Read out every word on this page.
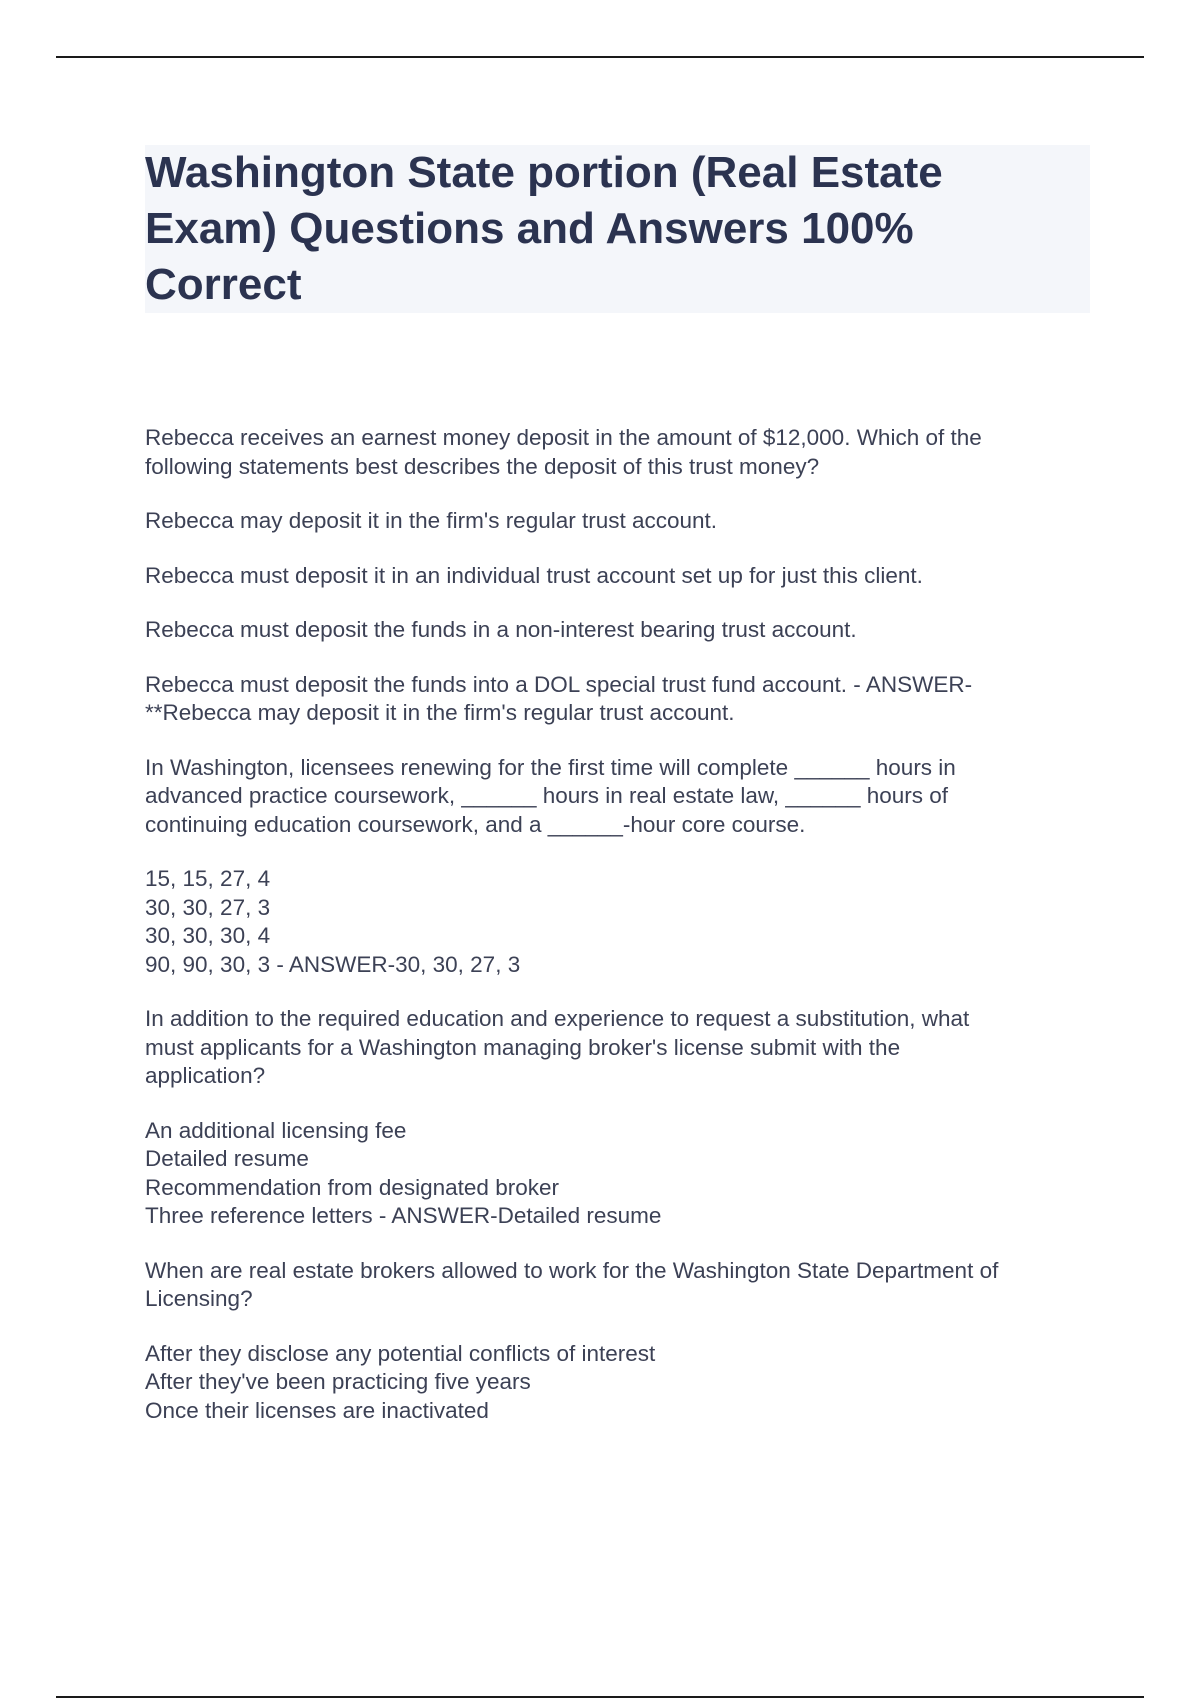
Washington State portion (Real Estate
Exam) Questions and Answers 100%
Correct

Rebecca receives an earnest money deposit in the amount of $12,000. Which of the
following statements best describes the deposit of this trust money?

Rebecca may deposit it in the firm's regular trust account.

Rebecca must deposit it in an individual trust account set up for just this client.

Rebecca must deposit the funds in a non-interest bearing trust account.

Rebecca must deposit the funds into a DOL special trust fund account. - ANSWER-
**Rebecca may deposit it in the firm's regular trust account.

In Washington, licensees renewing for the first time will complete ______ hours in
advanced practice coursework, ______ hours in real estate law, ______ hours of
continuing education coursework, and a ______-hour core course.

15, 15, 27, 4
30, 30, 27, 3
30, 30, 30, 4
90, 90, 30, 3 - ANSWER-30, 30, 27, 3

In addition to the required education and experience to request a substitution, what
must applicants for a Washington managing broker's license submit with the
application?

An additional licensing fee
Detailed resume
Recommendation from designated broker
Three reference letters - ANSWER-Detailed resume

When are real estate brokers allowed to work for the Washington State Department of
Licensing?

After they disclose any potential conflicts of interest
After they've been practicing five years
Once their licenses are inactivated
